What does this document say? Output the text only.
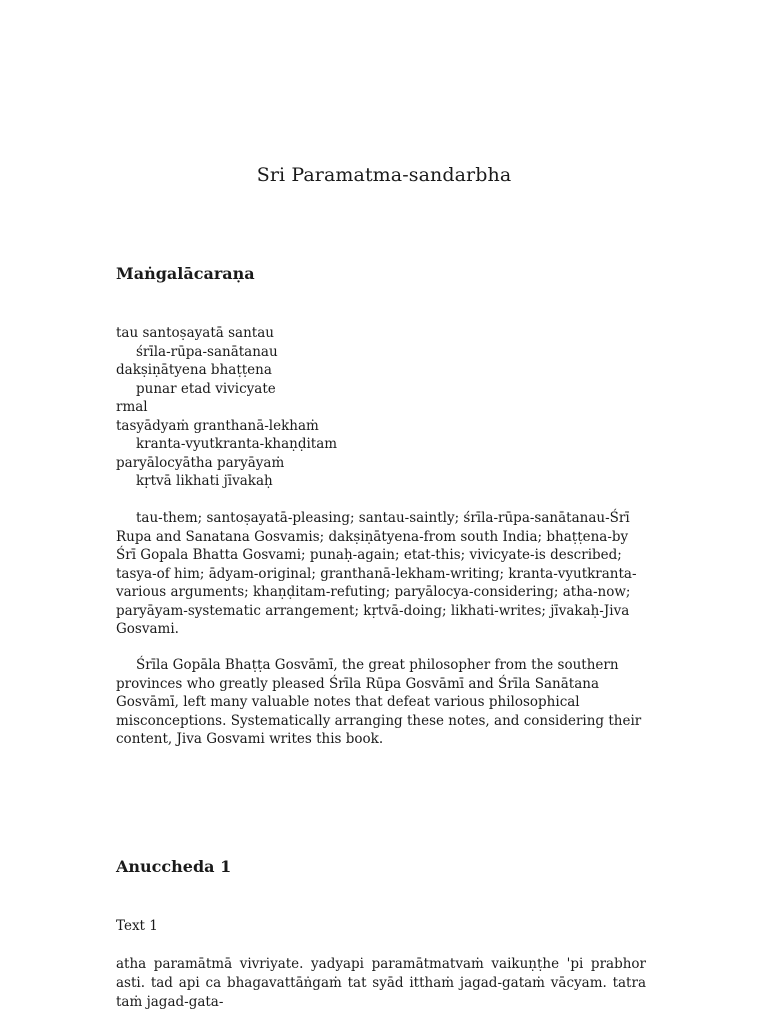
Sri Paramatma-sandarbha
Maṅgalācaraṇa
tau santoṣayatā santau
śrīla-rūpa-sanātanau
dakṣiṇātyena bhaṭṭena
punar etad vivicyate
rmal
tasyādyaṁ granthanā-lekhaṁ
kranta-vyutkranta-khaṇḍitam
paryālocyātha paryāyaṁ
kṛtvā likhati jīvakaḥ

tau-them; santoṣayatā-pleasing; santau-saintly; śrīla-rūpa-sanātanau-Śrī Rupa and Sanatana Gosvamis; dakṣiṇātyena-from south India; bhaṭṭena-by Śrī Gopala Bhatta Gosvami; punaḥ-again; etat-this; vivicyate-is described; tasya-of him; ādyam-original; granthanā-lekham-writing; kranta-vyutkranta-various arguments; khaṇḍitam-refuting; paryālocya-considering; atha-now; paryāyam-systematic arrangement; kṛtvā-doing; likhati-writes; jīvakaḥ-Jiva Gosvami.

Śrīla Gopāla Bhaṭṭa Gosvāmī, the great philosopher from the southern provinces who greatly pleased Śrīla Rūpa Gosvāmī and Śrīla Sanātana Gosvāmī, left many valuable notes that defeat various philosophical misconceptions. Systematically arranging these notes, and considering their content, Jiva Gosvami writes this book.

Anuccheda 1
Text 1

atha paramātmā vivriyate. yadyapi paramātmatvaṁ vaikuṇṭhe 'pi prabhor asti. tad api ca bhagavattāṅgaṁ tat syād itthaṁ jagad-gataṁ vācyam. tatra taṁ jagad-gata-
